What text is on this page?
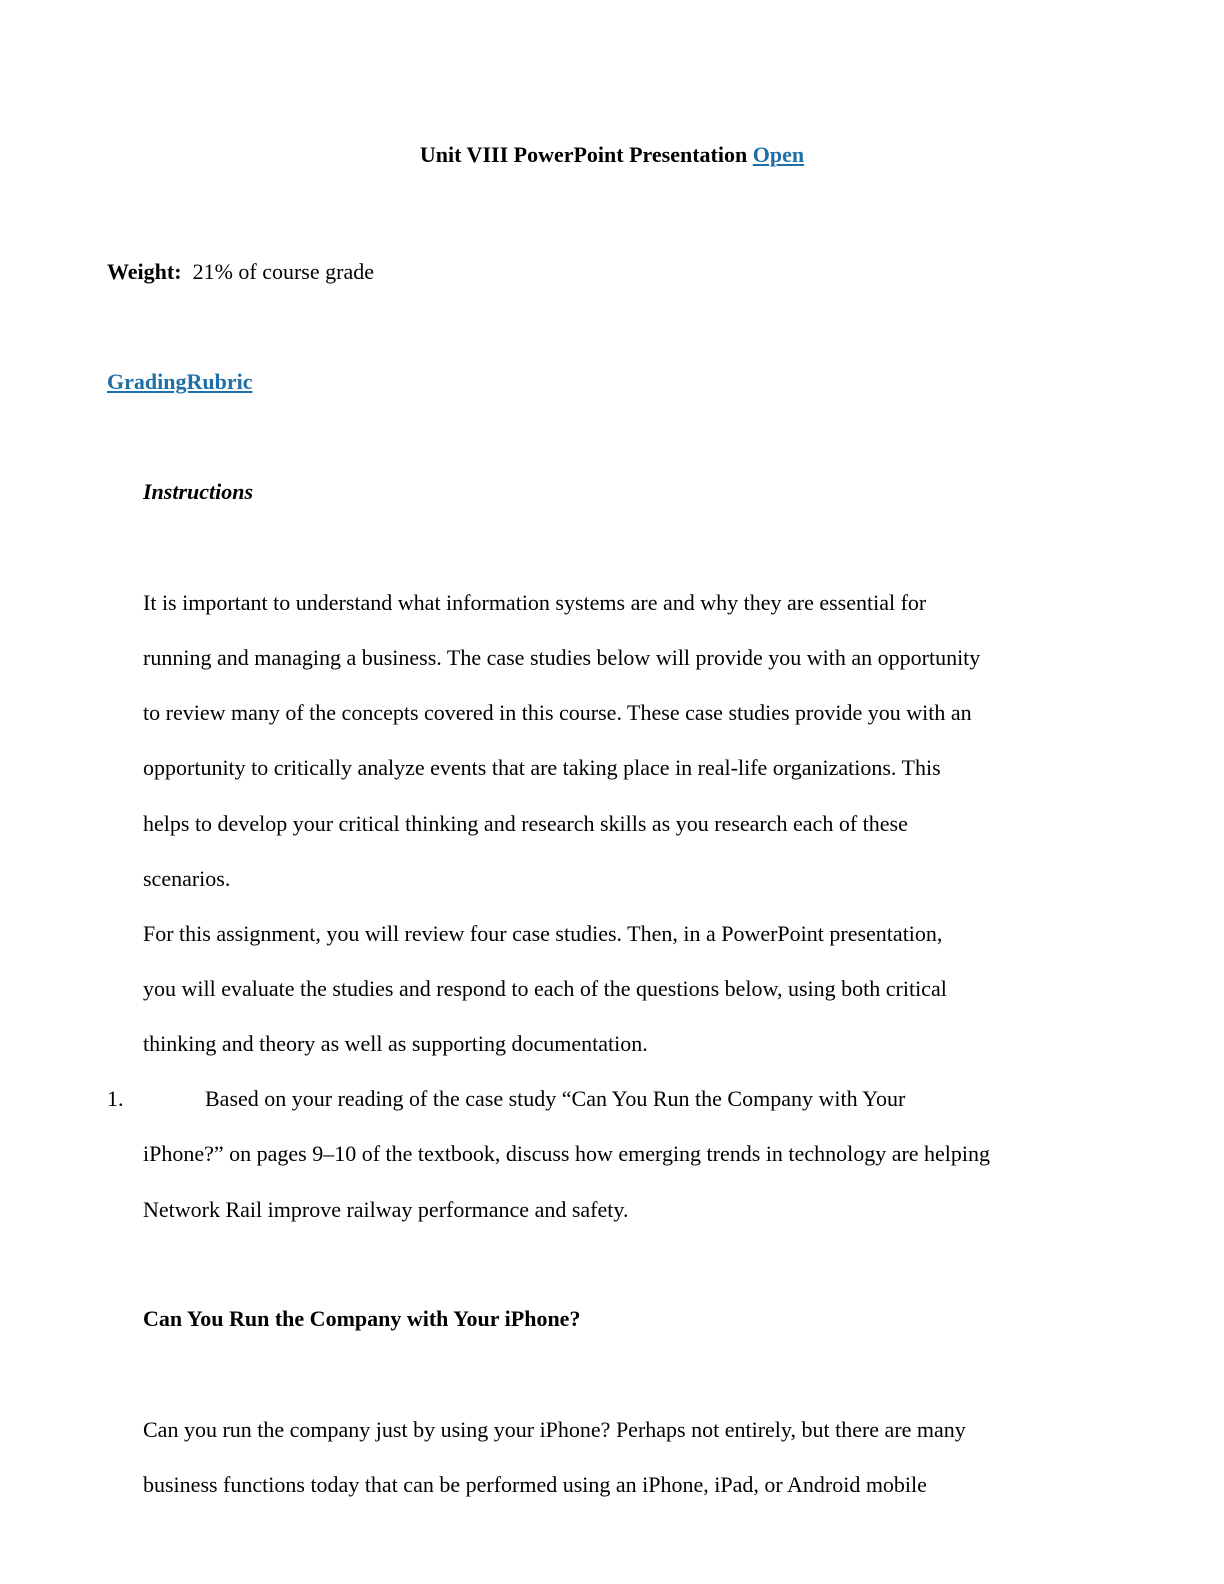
Unit VIII PowerPoint Presentation Open
Weight: 21% of course grade
GradingRubric
Instructions
It is important to understand what information systems are and why they are essential for
running and managing a business. The case studies below will provide you with an opportunity
to review many of the concepts covered in this course. These case studies provide you with an
opportunity to critically analyze events that are taking place in real-life organizations. This
helps to develop your critical thinking and research skills as you research each of these
scenarios.
For this assignment, you will review four case studies. Then, in a PowerPoint presentation,
you will evaluate the studies and respond to each of the questions below, using both critical
thinking and theory as well as supporting documentation.
1.	Based on your reading of the case study “Can You Run the Company with Your
iPhone?” on pages 9–10 of the textbook, discuss how emerging trends in technology are helping
Network Rail improve railway performance and safety.
Can You Run the Company with Your iPhone?
Can you run the company just by using your iPhone? Perhaps not entirely, but there are many
business functions today that can be performed using an iPhone, iPad, or Android mobile
